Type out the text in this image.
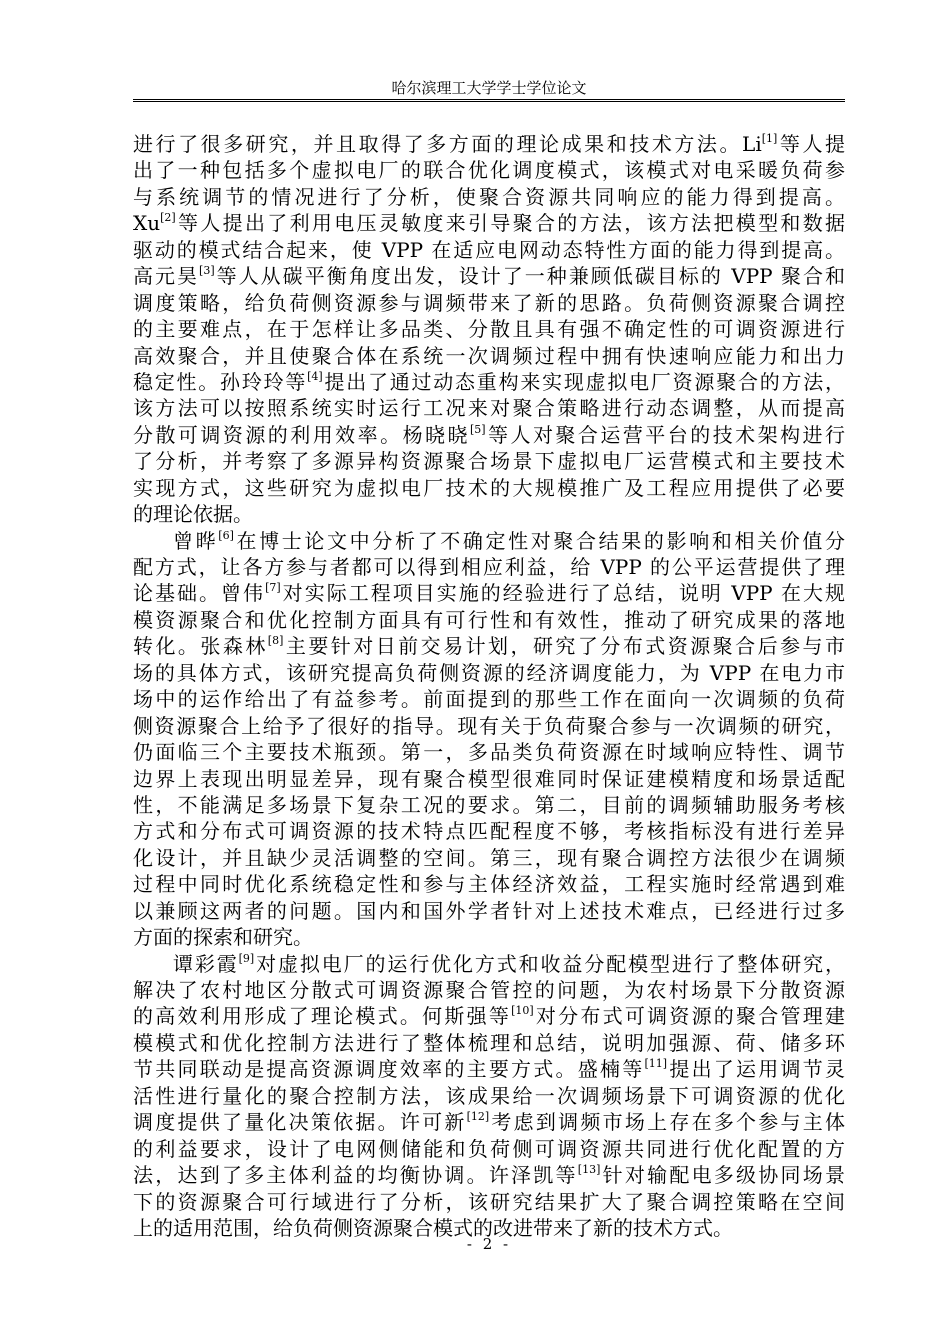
哈尔滨理工大学学士学位论文
进行了很多研究，并且取得了多方面的理论成果和技术方法。Li[1]等人提
出了一种包括多个虚拟电厂的联合优化调度模式，该模式对电采暖负荷参
与系统调节的情况进行了分析，使聚合资源共同响应的能力得到提高。
Xu[2]等人提出了利用电压灵敏度来引导聚合的方法，该方法把模型和数据
驱动的模式结合起来，使 VPP 在适应电网动态特性方面的能力得到提高。
高元昊[3]等人从碳平衡角度出发，设计了一种兼顾低碳目标的 VPP 聚合和
调度策略，给负荷侧资源参与调频带来了新的思路。负荷侧资源聚合调控
的主要难点，在于怎样让多品类、分散且具有强不确定性的可调资源进行
高效聚合，并且使聚合体在系统一次调频过程中拥有快速响应能力和出力
稳定性。孙玲玲等[4]提出了通过动态重构来实现虚拟电厂资源聚合的方法，
该方法可以按照系统实时运行工况来对聚合策略进行动态调整，从而提高
分散可调资源的利用效率。杨晓晓[5]等人对聚合运营平台的技术架构进行
了分析，并考察了多源异构资源聚合场景下虚拟电厂运营模式和主要技术
实现方式，这些研究为虚拟电厂技术的大规模推广及工程应用提供了必要
的理论依据。
曾晔[6]在博士论文中分析了不确定性对聚合结果的影响和相关价值分
配方式，让各方参与者都可以得到相应利益，给 VPP 的公平运营提供了理
论基础。曾伟[7]对实际工程项目实施的经验进行了总结，说明 VPP 在大规
模资源聚合和优化控制方面具有可行性和有效性，推动了研究成果的落地
转化。张森林[8]主要针对日前交易计划，研究了分布式资源聚合后参与市
场的具体方式，该研究提高负荷侧资源的经济调度能力，为 VPP 在电力市
场中的运作给出了有益参考。前面提到的那些工作在面向一次调频的负荷
侧资源聚合上给予了很好的指导。现有关于负荷聚合参与一次调频的研究，
仍面临三个主要技术瓶颈。第一，多品类负荷资源在时域响应特性、调节
边界上表现出明显差异，现有聚合模型很难同时保证建模精度和场景适配
性，不能满足多场景下复杂工况的要求。第二，目前的调频辅助服务考核
方式和分布式可调资源的技术特点匹配程度不够，考核指标没有进行差异
化设计，并且缺少灵活调整的空间。第三，现有聚合调控方法很少在调频
过程中同时优化系统稳定性和参与主体经济效益，工程实施时经常遇到难
以兼顾这两者的问题。国内和国外学者针对上述技术难点，已经进行过多
方面的探索和研究。
谭彩霞[9]对虚拟电厂的运行优化方式和收益分配模型进行了整体研究，
解决了农村地区分散式可调资源聚合管控的问题，为农村场景下分散资源
的高效利用形成了理论模式。何斯强等[10]对分布式可调资源的聚合管理建
模模式和优化控制方法进行了整体梳理和总结，说明加强源、荷、储多环
节共同联动是提高资源调度效率的主要方式。盛楠等[11]提出了运用调节灵
活性进行量化的聚合控制方法，该成果给一次调频场景下可调资源的优化
调度提供了量化决策依据。许可新[12]考虑到调频市场上存在多个参与主体
的利益要求，设计了电网侧储能和负荷侧可调资源共同进行优化配置的方
法，达到了多主体利益的均衡协调。许泽凯等[13]针对输配电多级协同场景
下的资源聚合可行域进行了分析，该研究结果扩大了聚合调控策略在空间
上的适用范围，给负荷侧资源聚合模式的改进带来了新的技术方式。
- 2 -
